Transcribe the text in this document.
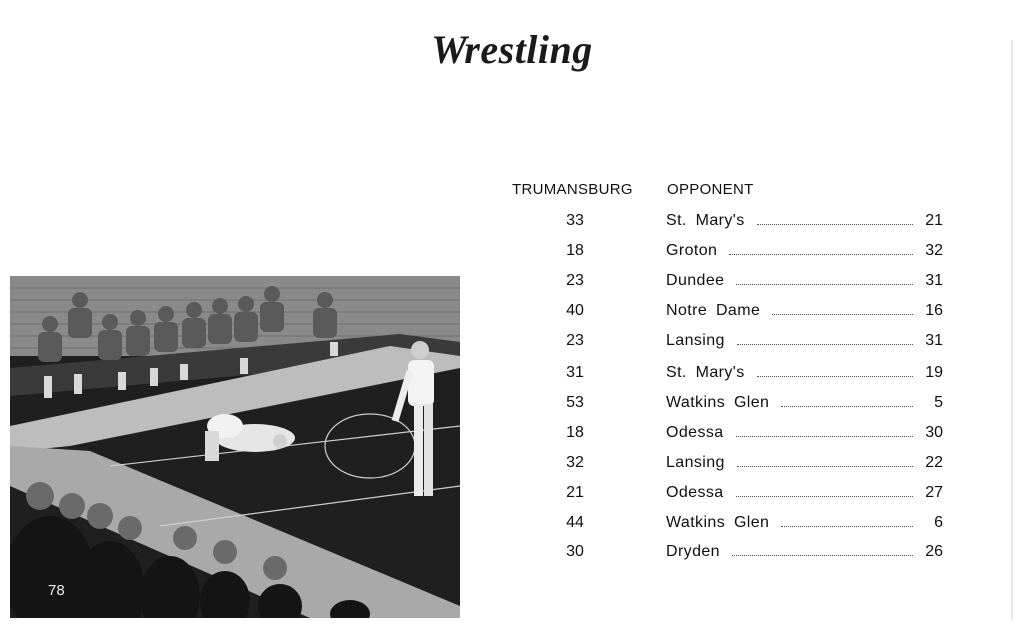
Wrestling
78
TRUMANSBURG OPPONENT
33	St. Mary's	21
18	Groton	32
23	Dundee	31
40	Notre Dame	16
23	Lansing	31
31	St. Mary's	19
53	Watkins Glen	5
18	Odessa	30
32	Lansing	22
21	Odessa	27
44	Watkins Glen	6
30	Dryden	26
